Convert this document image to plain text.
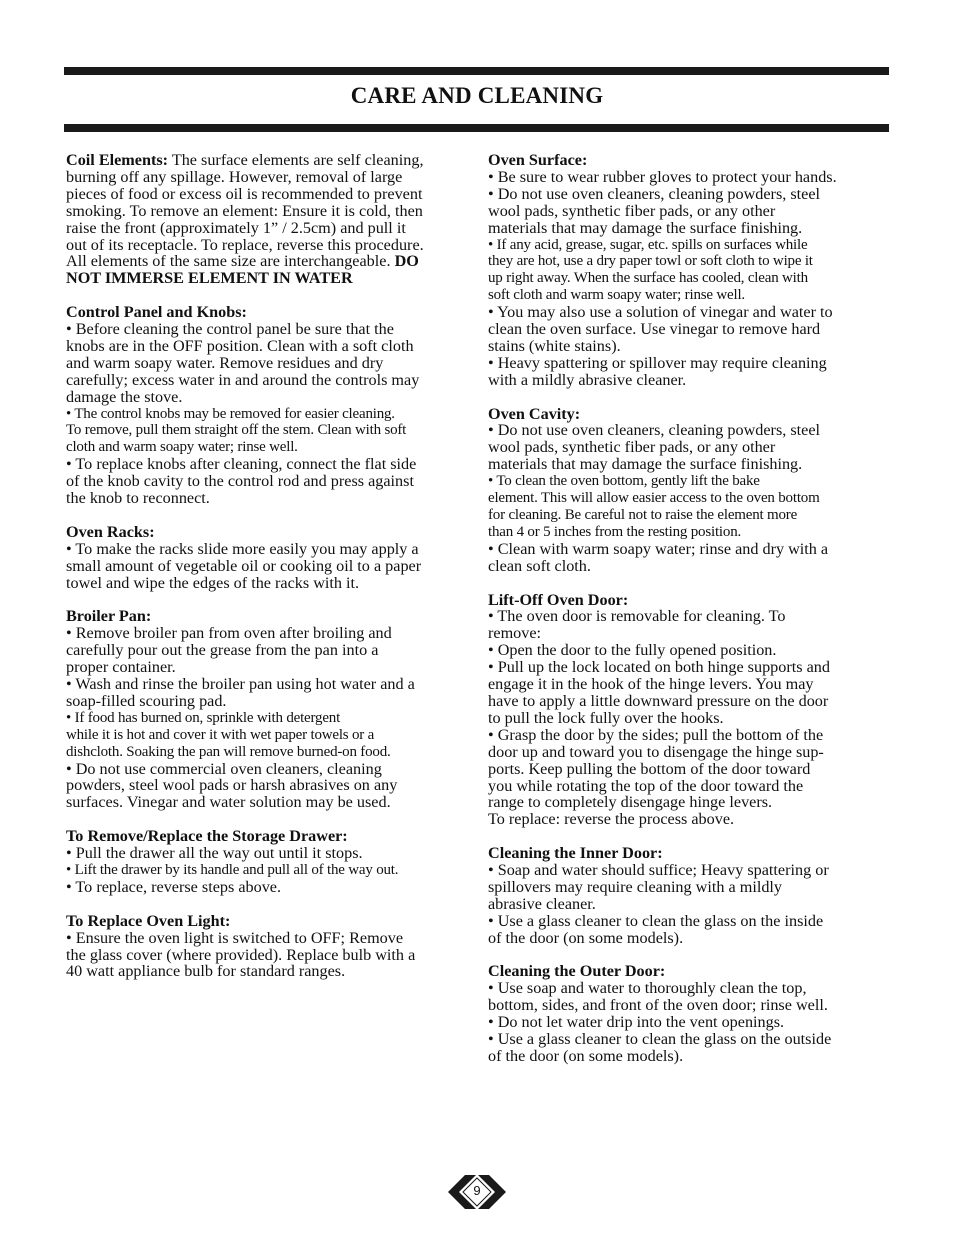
CARE AND CLEANING
Coil Elements: The surface elements are self cleaning,
burning off any spillage. However, removal of large
pieces of food or excess oil is recommended to prevent
smoking. To remove an element: Ensure it is cold, then
raise the front (approximately 1” / 2.5cm) and pull it
out of its receptacle. To replace, reverse this procedure.
All elements of the same size are interchangeable. DO
NOT IMMERSE ELEMENT IN WATER
Control Panel and Knobs:
• Before cleaning the control panel be sure that the
knobs are in the OFF position. Clean with a soft cloth
and warm soapy water. Remove residues and dry
carefully; excess water in and around the controls may
damage the stove.
• The control knobs may be removed for easier cleaning.
To remove, pull them straight off the stem. Clean with soft
cloth and warm soapy water; rinse well.
• To replace knobs after cleaning, connect the flat side
of the knob cavity to the control rod and press against
the knob to reconnect.
Oven Racks:
• To make the racks slide more easily you may apply a
small amount of vegetable oil or cooking oil to a paper
towel and wipe the edges of the racks with it.
Broiler Pan:
• Remove broiler pan from oven after broiling and
carefully pour out the grease from the pan into a
proper container.
• Wash and rinse the broiler pan using hot water and a
soap-filled scouring pad.
• If food has burned on, sprinkle with detergent
while it is hot and cover it with wet paper towels or a
dishcloth. Soaking the pan will remove burned-on food.
• Do not use commercial oven cleaners, cleaning
powders, steel wool pads or harsh abrasives on any
surfaces. Vinegar and water solution may be used.
To Remove/Replace the Storage Drawer:
• Pull the drawer all the way out until it stops.
• Lift the drawer by its handle and pull all of the way out.
• To replace, reverse steps above.
To Replace Oven Light:
• Ensure the oven light is switched to OFF; Remove
the glass cover (where provided). Replace bulb with a
40 watt appliance bulb for standard ranges.
Oven Surface:
• Be sure to wear rubber gloves to protect your hands.
• Do not use oven cleaners, cleaning powders, steel
wool pads, synthetic fiber pads, or any other
materials that may damage the surface finishing.
• If any acid, grease, sugar, etc. spills on surfaces while
they are hot, use a dry paper towl or soft cloth to wipe it
up right away. When the surface has cooled, clean with
soft cloth and warm soapy water; rinse well.
• You may also use a solution of vinegar and water to
clean the oven surface. Use vinegar to remove hard
stains (white stains).
• Heavy spattering or spillover may require cleaning
with a mildly abrasive cleaner.
Oven Cavity:
• Do not use oven cleaners, cleaning powders, steel
wool pads, synthetic fiber pads, or any other
materials that may damage the surface finishing.
• To clean the oven bottom, gently lift the bake
element. This will allow easier access to the oven bottom
for cleaning. Be careful not to raise the element more
than 4 or 5 inches from the resting position.
• Clean with warm soapy water; rinse and dry with a
clean soft cloth.
Lift-Off Oven Door:
• The oven door is removable for cleaning. To
remove:
• Open the door to the fully opened position.
• Pull up the lock located on both hinge supports and
engage it in the hook of the hinge levers. You may
have to apply a little downward pressure on the door
to pull the lock fully over the hooks.
• Grasp the door by the sides; pull the bottom of the
door up and toward you to disengage the hinge sup-
ports. Keep pulling the bottom of the door toward
you while rotating the top of the door toward the
range to completely disengage hinge levers.
To replace: reverse the process above.
Cleaning the Inner Door:
• Soap and water should suffice; Heavy spattering or
spillovers may require cleaning with a mildly
abrasive cleaner.
• Use a glass cleaner to clean the glass on the inside
of the door (on some models).
Cleaning the Outer Door:
• Use soap and water to thoroughly clean the top,
bottom, sides, and front of the oven door; rinse well.
• Do not let water drip into the vent openings.
• Use a glass cleaner to clean the glass on the outside
of the door (on some models).
9
